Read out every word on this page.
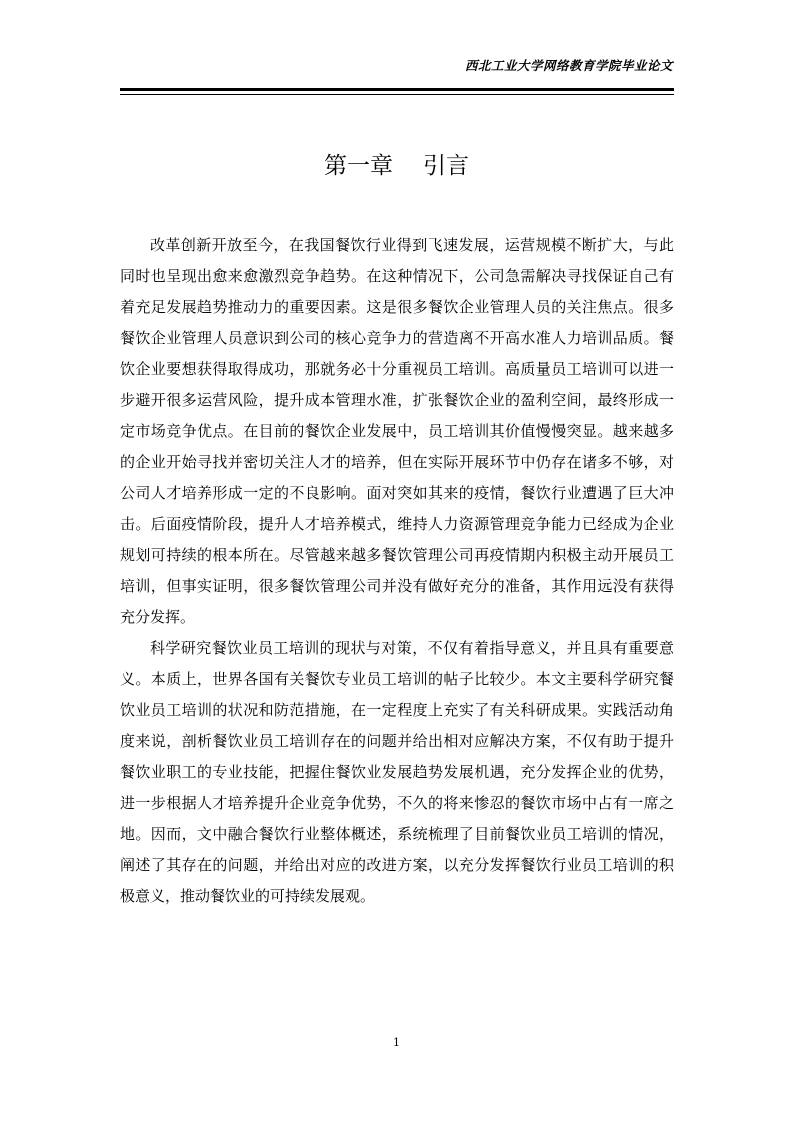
西北工业大学网络教育学院毕业论文
第一章 引言

改革创新开放至今，在我国餐饮行业得到飞速发展，运营规模不断扩大，与此同时也呈现出愈来愈激烈竞争趋势。在这种情况下，公司急需解决寻找保证自己有着充足发展趋势推动力的重要因素。这是很多餐饮企业管理人员的关注焦点。很多餐饮企业管理人员意识到公司的核心竞争力的营造离不开高水准人力培训品质。餐饮企业要想获得取得成功，那就务必十分重视员工培训。高质量员工培训可以进一步避开很多运营风险，提升成本管理水准，扩张餐饮企业的盈利空间，最终形成一定市场竞争优点。在目前的餐饮企业发展中，员工培训其价值慢慢突显。越来越多的企业开始寻找并密切关注人才的培养，但在实际开展环节中仍存在诸多不够，对公司人才培养形成一定的不良影响。面对突如其来的疫情，餐饮行业遭遇了巨大冲击。后面疫情阶段，提升人才培养模式，维持人力资源管理竞争能力已经成为企业规划可持续的根本所在。尽管越来越多餐饮管理公司再疫情期内积极主动开展员工培训，但事实证明，很多餐饮管理公司并没有做好充分的准备，其作用远没有获得充分发挥。

科学研究餐饮业员工培训的现状与对策，不仅有着指导意义，并且具有重要意义。本质上，世界各国有关餐饮专业员工培训的帖子比较少。本文主要科学研究餐饮业员工培训的状况和防范措施，在一定程度上充实了有关科研成果。实践活动角度来说，剖析餐饮业员工培训存在的问题并给出相对应解决方案，不仅有助于提升餐饮业职工的专业技能，把握住餐饮业发展趋势发展机遇，充分发挥企业的优势，进一步根据人才培养提升企业竞争优势，不久的将来惨忍的餐饮市场中占有一席之地。因而，文中融合餐饮行业整体概述，系统梳理了目前餐饮业员工培训的情况，阐述了其存在的问题，并给出对应的改进方案，以充分发挥餐饮行业员工培训的积极意义，推动餐饮业的可持续发展观。

1
